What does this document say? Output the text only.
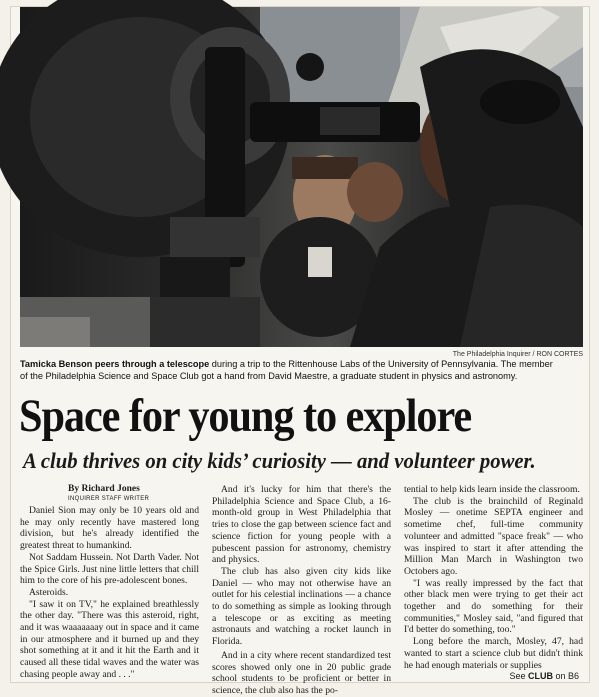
The Philadelphia Inquirer / RON CORTES
Tamicka Benson peers through a telescope during a trip to the Rittenhouse Labs of the University of Pennsylvania. The member
of the Philadelphia Science and Space Club got a hand from David Maestre, a graduate student in physics and astronomy.
Space for young to explore
A club thrives on city kids’ curiosity — and volunteer power.
By Richard Jones
INQUIRER STAFF WRITER

Daniel Sion may only be 10 years old and he may only recently have mastered long division, but he's already identified the greatest threat to humankind.

Not Saddam Hussein. Not Darth Vader. Not the Spice Girls. Just nine little letters that chill him to the core of his pre-adolescent bones.

Asteroids.

"I saw it on TV," he explained breathlessly the other day. "There was this asteroid, right, and it was waaaaaaay out in space and it came in our atmosphere and it burned up and they shot something at it and it hit the Earth and it caused all these tidal waves and the water was chasing people away and . . ."

And it's lucky for him that there's the Philadelphia Science and Space Club, a 16-month-old group in West Philadelphia that tries to close the gap between science fact and science fiction for young people with a pubescent passion for astronomy, chemistry and physics.

The club has also given city kids like Daniel — who may not otherwise have an outlet for his celestial inclinations — a chance to do something as simple as looking through a telescope or as exciting as meeting astronauts and watching a rocket launch in Florida.

And in a city where recent standardized test scores showed only one in 20 public grade school students to be proficient or better in science, the club also has the po-

tential to help kids learn inside the classroom.

The club is the brainchild of Reginald Mosley — onetime SEPTA engineer and sometime chef, full-time community volunteer and admitted "space freak" — who was inspired to start it after attending the Million Man March in Washington two Octobers ago.

"I was really impressed by the fact that other black men were trying to get their act together and do something for their communities," Mosley said, "and figured that I'd better do something, too."

Long before the march, Mosley, 47, had wanted to start a science club but didn't think he had enough materials or supplies

See CLUB on B6
